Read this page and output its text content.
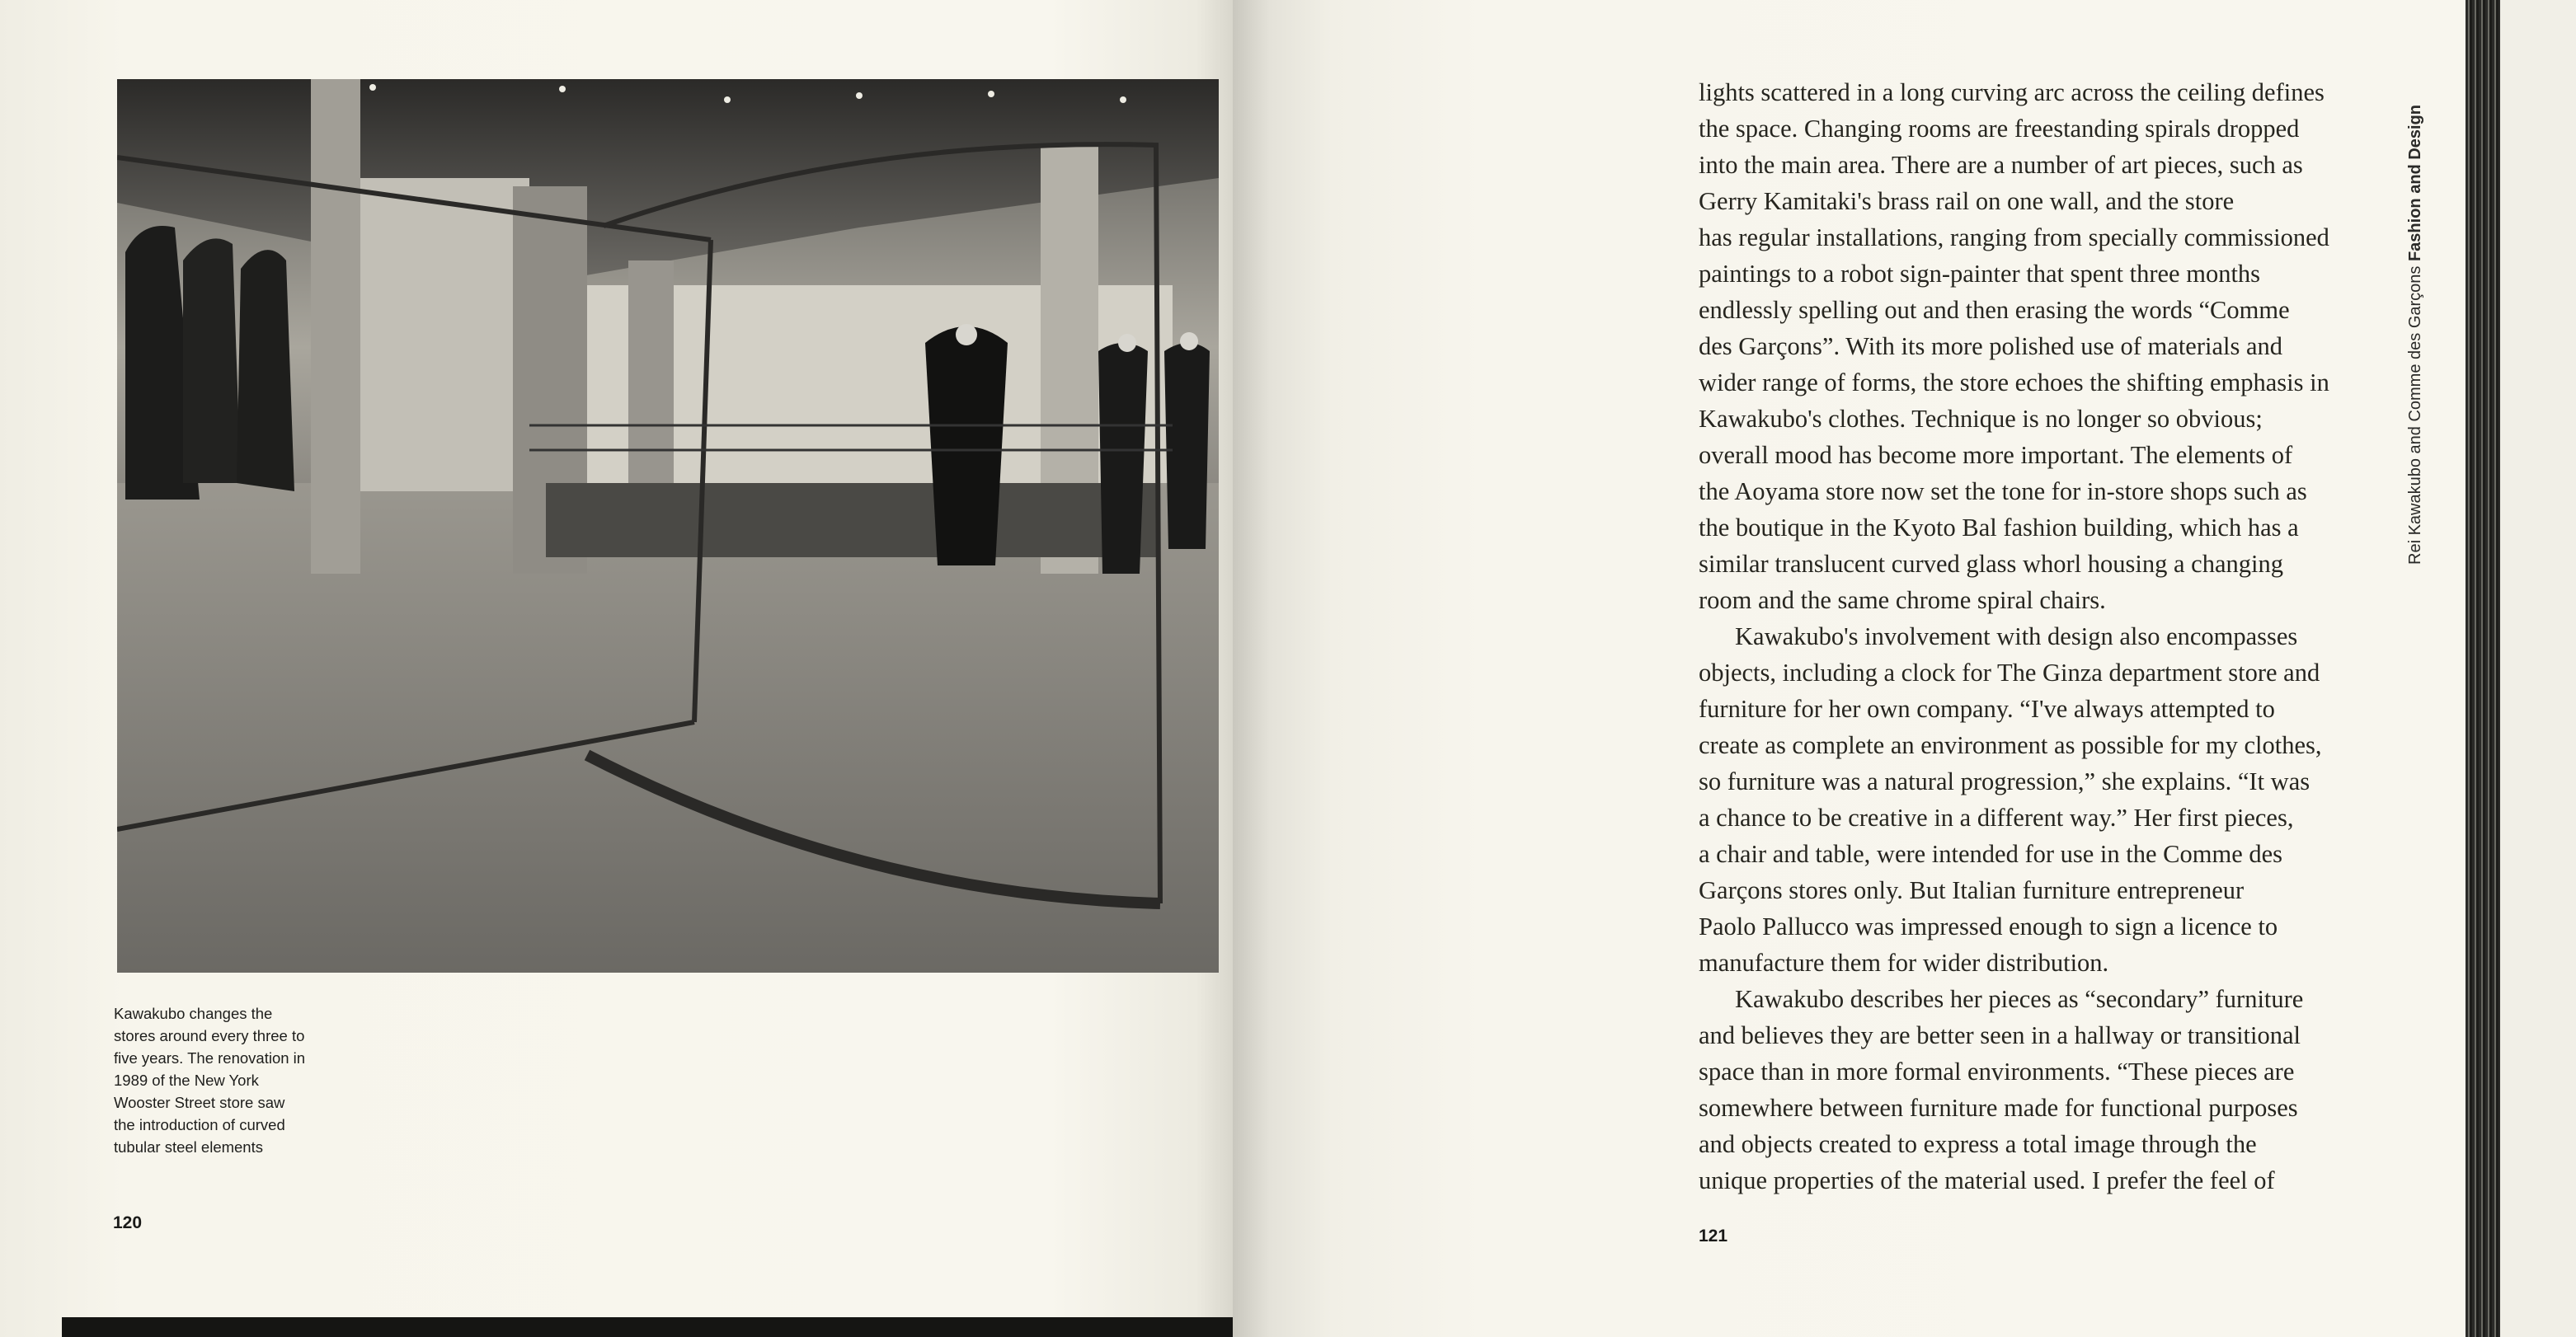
Kawakubo changes the
stores around every three to
five years. The renovation in
1989 of the New York
Wooster Street store saw
the introduction of curved
tubular steel elements
120
lights scattered in a long curving arc across the ceiling defines
the space. Changing rooms are freestanding spirals dropped
into the main area. There are a number of art pieces, such as
Gerry Kamitaki's brass rail on one wall, and the store
has regular installations, ranging from specially commissioned
paintings to a robot sign-painter that spent three months
endlessly spelling out and then erasing the words “Comme
des Garçons”. With its more polished use of materials and
wider range of forms, the store echoes the shifting emphasis in
Kawakubo's clothes. Technique is no longer so obvious;
overall mood has become more important. The elements of
the Aoyama store now set the tone for in-store shops such as
the boutique in the Kyoto Bal fashion building, which has a
similar translucent curved glass whorl housing a changing
room and the same chrome spiral chairs.
Kawakubo's involvement with design also encompasses
objects, including a clock for The Ginza department store and
furniture for her own company. “I've always attempted to
create as complete an environment as possible for my clothes,
so furniture was a natural progression,” she explains. “It was
a chance to be creative in a different way.” Her first pieces,
a chair and table, were intended for use in the Comme des
Garçons stores only. But Italian furniture entrepreneur
Paolo Pallucco was impressed enough to sign a licence to
manufacture them for wider distribution.
Kawakubo describes her pieces as “secondary” furniture
and believes they are better seen in a hallway or transitional
space than in more formal environments. “These pieces are
somewhere between furniture made for functional purposes
and objects created to express a total image through the
unique properties of the material used. I prefer the feel of
121
Rei Kawakubo and Comme des Garçons Fashion and Design
